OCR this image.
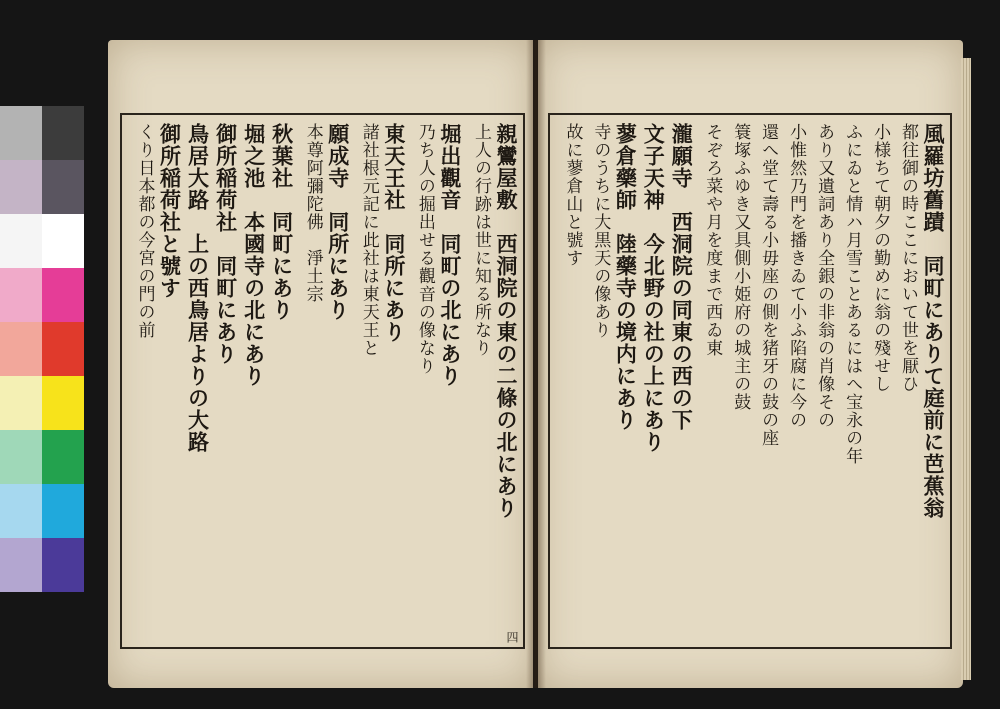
親鸞屋敷　西洞院の東の二條の北にあり
上人の行跡は世に知る所なり
堀出觀音　同町の北にあり
乃ち人の掘出せる觀音の像なり
東天王社　同所にあり
諸社根元記に此社は東天王と
願成寺　同所にあり
本尊阿彌陀佛　淨土宗
秋葉社　同町にあり
堀之池　本國寺の北にあり
御所稲荷社　同町にあり
鳥居大路　上の西鳥居よりの大路
御所稲荷社と號す
くり日本都の今宮の門の前
四
風羅坊舊蹟　同町にありて庭前に芭蕉翁
都往御の時ここにおいて世を厭ひ
小様ちて朝夕の勤めに翁の殘せし
ふにゐと情ハ月雪ことあるにはへ宝永の年
あり又遺詞あり全銀の非翁の肖像その
小惟然乃門を播きゐて小ふ陷腐に今の
還へ堂て壽る小毋座の側を猪牙の鼓の座
簑塚ふゆき又具側小姫府の城主の鼓
そぞろ菜や月を度まで西ゐ東
瀧願寺　西洞院の同東の西の下
文子天神　今北野の社の上にあり
蓼倉藥師　陸藥寺の境内にあり
寺のうちに大黒天の像あり
故に蓼倉山と號す
